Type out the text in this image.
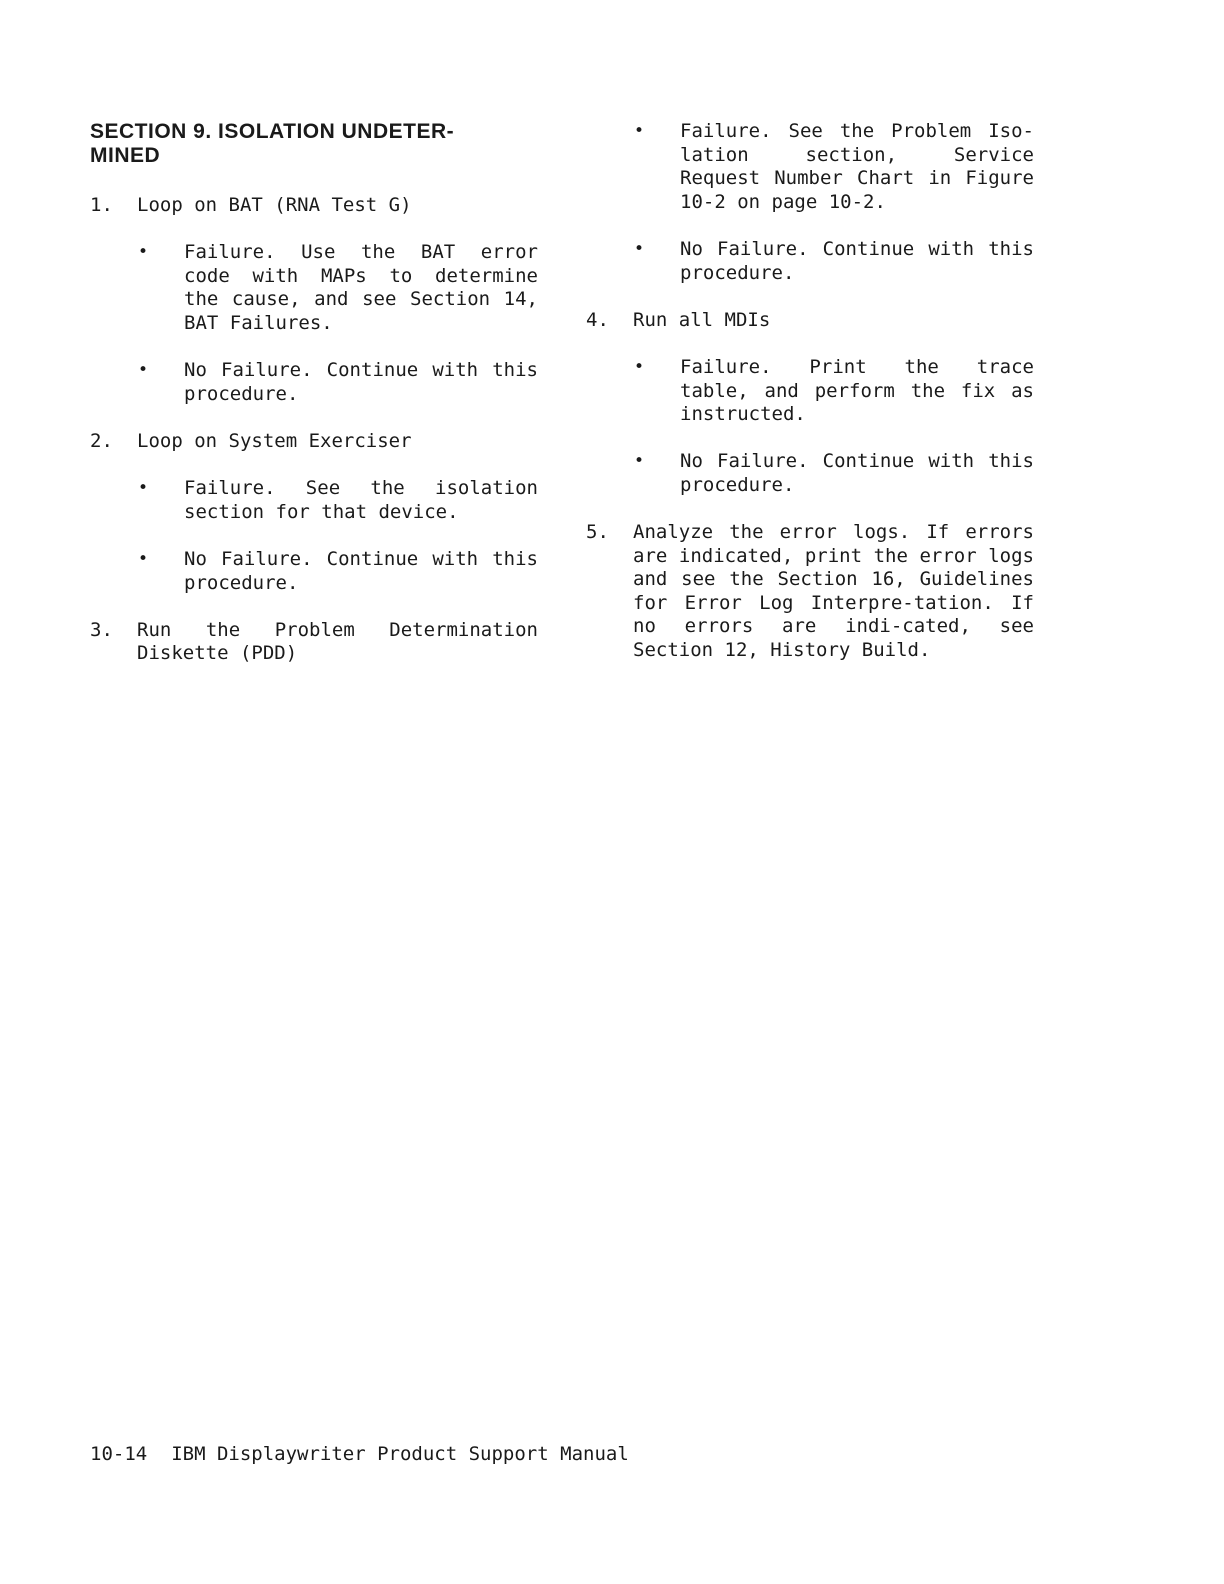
SECTION 9. ISOLATION UNDETER-MINED
1. Loop on BAT (RNA Test G)
• Failure. Use the BAT error code with MAPs to determine the cause, and see Section 14, BAT Failures.
• No Failure. Continue with this procedure.
2. Loop on System Exerciser
• Failure. See the isolation section for that device.
• No Failure. Continue with this procedure.
3. Run the Problem Determination Diskette (PDD)
• Failure. See the Problem Iso-lation section, Service Request Number Chart in Figure 10-2 on page 10-2.
• No Failure. Continue with this procedure.
4. Run all MDIs
• Failure. Print the trace table, and perform the fix as instructed.
• No Failure. Continue with this procedure.
5. Analyze the error logs. If errors are indicated, print the error logs and see the Section 16, Guidelines for Error Log Interpre-tation. If no errors are indi-cated, see Section 12, History Build.
10-14 IBM Displaywriter Product Support Manual
